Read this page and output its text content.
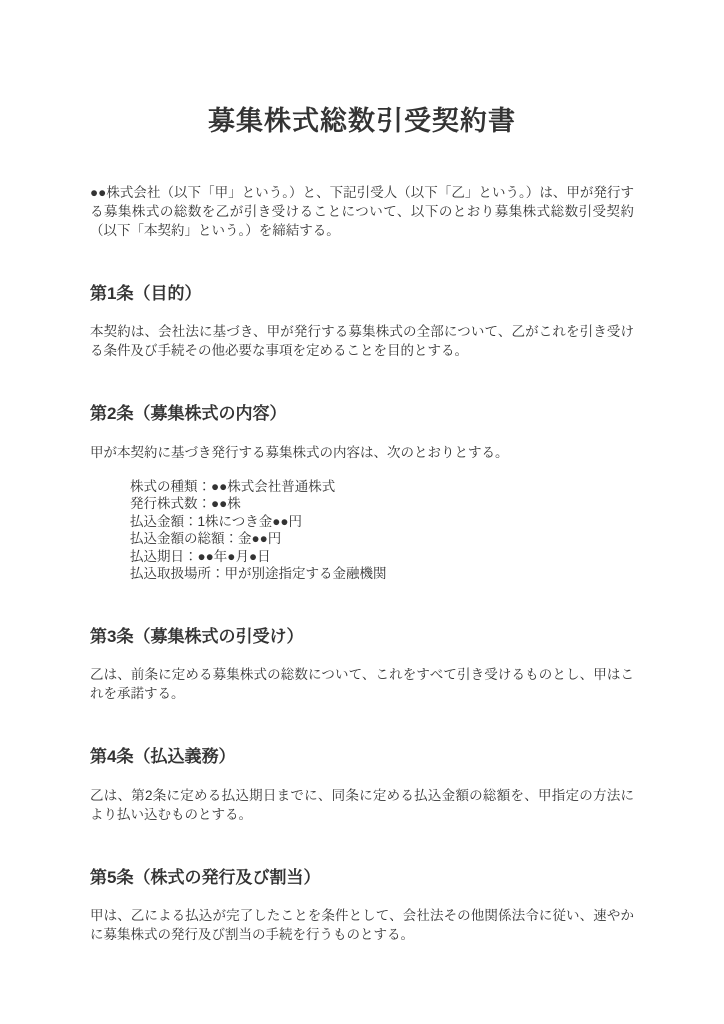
募集株式総数引受契約書

●●株式会社（以下「甲」という。）と、下記引受人（以下「乙」という。）は、甲が発行する募集株式の総数を乙が引き受けることについて、以下のとおり募集株式総数引受契約（以下「本契約」という。）を締結する。

第1条（目的）

本契約は、会社法に基づき、甲が発行する募集株式の全部について、乙がこれを引き受ける条件及び手続その他必要な事項を定めることを目的とする。

第2条（募集株式の内容）

甲が本契約に基づき発行する募集株式の内容は、次のとおりとする。

株式の種類：●●株式会社普通株式
発行株式数：●●株
払込金額：1株につき金●●円
払込金額の総額：金●●円
払込期日：●●年●月●日
払込取扱場所：甲が別途指定する金融機関
第3条（募集株式の引受け）

乙は、前条に定める募集株式の総数について、これをすべて引き受けるものとし、甲はこれを承諾する。

第4条（払込義務）

乙は、第2条に定める払込期日までに、同条に定める払込金額の総額を、甲指定の方法により払い込むものとする。

第5条（株式の発行及び割当）

甲は、乙による払込が完了したことを条件として、会社法その他関係法令に従い、速やかに募集株式の発行及び割当の手続を行うものとする。
